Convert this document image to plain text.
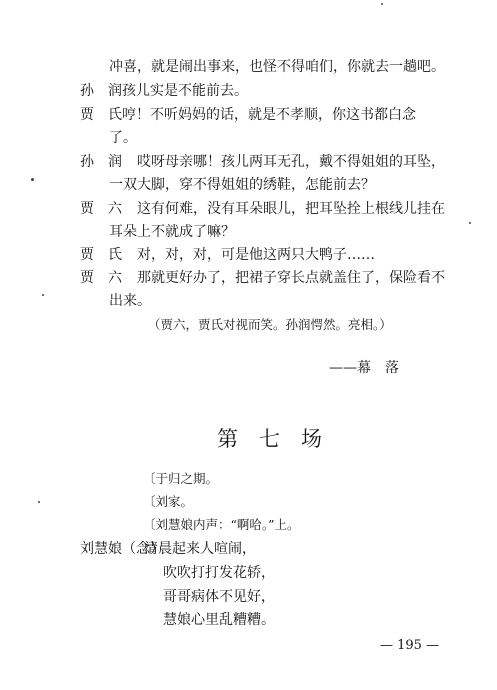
冲喜，就是闹出事来，也怪不得咱们，你就去一趟吧。
孙　润 孩儿实是不能前去。
贾　氏 哼！不听妈妈的话，就是不孝顺，你这书都白念
了。
孙　润 哎呀母亲哪！孩儿两耳无孔，戴不得姐姐的耳坠，
一双大脚，穿不得姐姐的绣鞋，怎能前去？
贾　六 这有何难，没有耳朵眼儿，把耳坠拴上根线儿挂在
耳朵上不就成了嘛？
贾　氏 对，对，对，可是他这两只大鸭子……
贾　六 那就更好办了，把裙子穿长点就盖住了，保险看不
出来。
（贾六，贾氏对视而笑。孙润愕然。亮相。）
——幕　落
第　七　场
〔于归之期。
〔刘家。
〔刘慧娘内声：“啊哈。”上。
刘慧娘（念）
清晨起来人喧闹，
吹吹打打发花轿，
哥哥病体不见好，
慧娘心里乱糟糟。
— 195 —
